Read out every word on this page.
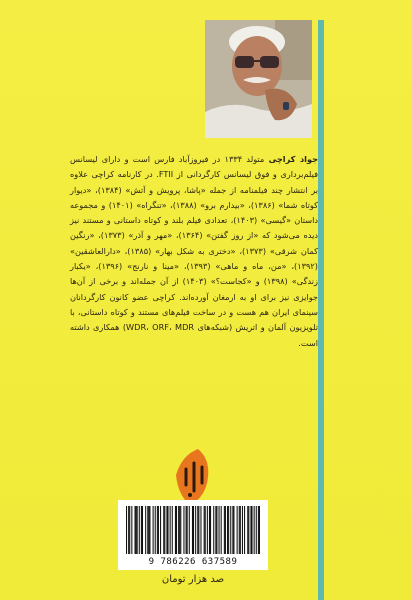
جواد کراچی متولد ۱۳۳۴ در فیروزآباد فارس است و دارای لیسانس فیلم‌برداری و فوق لیسانس کارگردانی از FTII. در کارنامه کراچی علاوه بر انتشار چند فیلمنامه از جمله «پاشا، پرویش و آتش» (۱۳۸۴)، «دیوار کوتاه شما» (۱۳۸۶)، «بیدارم برو» (۱۳۸۸)، «تنگراه» (۱۴۰۱) و مجموعه داستان «گیسی» (۱۴۰۳)، تعدادی فیلم بلند و کوتاه داستانی و مستند نیز دیده می‌شود که «از روز گفتن» (۱۳۶۴)، «مهر و آذر» (۱۳۷۳)، «رنگین کمان شرقی» (۱۳۷۳)، «دختری به شکل بهار» (۱۳۸۵)، «دارالعاشقین» (۱۳۹۲)، «من، ماه و ماهی» (۱۳۹۳)، «مینا و نارنج» (۱۳۹۶)، «یکبار زندگی» (۱۳۹۸) و «کجاست؟» (۱۴۰۳) از آن جمله‌اند و برخی از آن‌ها جوایزی نیز برای او به ارمغان آورده‌اند. کراچی عضو کانون کارگردانان سینمای ایران هم هست و در ساخت فیلم‌های مستند و کوتاه داستانی، با تلویزیون آلمان و اتریش (شبکه‌های WDR، ORF، MDR) همکاری داشته است.
9 786226 637589
صد هزار تومان
